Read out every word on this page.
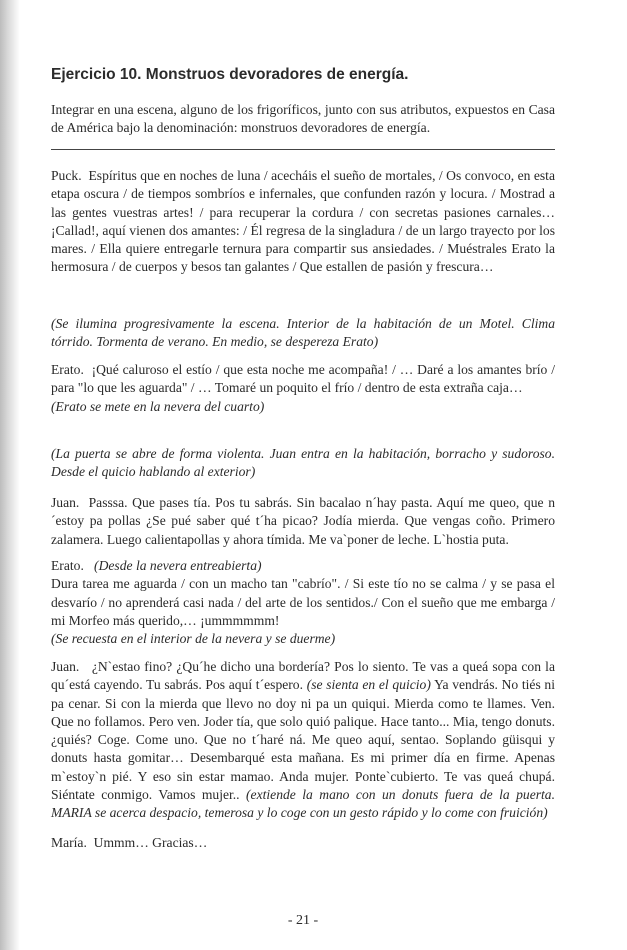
Ejercicio 10. Monstruos devoradores de energía.

Integrar en una escena, alguno de los frigoríficos, junto con sus atributos, expuestos en Casa de América bajo la denominación: monstruos devoradores de energía.

Puck. Espíritus que en noches de luna / acecháis el sueño de mortales, / Os convoco, en esta etapa oscura / de tiempos sombríos e infernales, que confunden razón y locura. / Mostrad a las gentes vuestras artes! / para recuperar la cordura / con secretas pasiones carnales… ¡Callad!, aquí vienen dos amantes: / Él regresa de la singladura / de un largo trayecto por los mares. / Ella quiere entregarle ternura para compartir sus ansiedades. / Muéstrales Erato la hermosura / de cuerpos y besos tan galantes / Que estallen de pasión y frescura…

(Se ilumina progresivamente la escena. Interior de la habitación de un Motel. Clima tórrido. Tormenta de verano. En medio, se despereza Erato)

Erato. ¡Qué caluroso el estío / que esta noche me acompaña! / … Daré a los amantes brío / para "lo que les aguarda" / … Tomaré un poquito el frío / dentro de esta extraña caja…
(Erato se mete en la nevera del cuarto)

(La puerta se abre de forma violenta. Juan entra en la habitación, borracho y sudoroso. Desde el quicio hablando al exterior)

Juan. Passsa. Que pases tía. Pos tu sabrás. Sin bacalao n´hay pasta. Aquí me queo, que n´estoy pa pollas ¿Se pué saber qué t´ha picao? Jodía mierda. Que vengas coño. Primero zalamera. Luego calientapollas y ahora tímida. Me va`poner de leche. L`hostia puta.

Erato. (Desde la nevera entreabierta)
Dura tarea me aguarda / con un macho tan "cabrío". / Si este tío no se calma / y se pasa el desvarío / no aprenderá casi nada / del arte de los sentidos./ Con el sueño que me embarga / mi Morfeo más querido,… ¡ummmmmm!
(Se recuesta en el interior de la nevera y se duerme)

Juan. ¿N`estao fino? ¿Qu´he dicho una bordería? Pos lo siento. Te vas a queá sopa con la qu´está cayendo. Tu sabrás. Pos aquí t´espero. (se sienta en el quicio) Ya vendrás. No tiés ni pa cenar. Si con la mierda que llevo no doy ni pa un quiqui. Mierda como te llames. Ven. Que no follamos. Pero ven. Joder tía, que solo quió palique. Hace tanto... Mia, tengo donuts. ¿quiés? Coge. Come uno. Que no t´haré ná. Me queo aquí, sentao. Soplando güisqui y donuts hasta gomitar… Desembarqué esta mañana. Es mi primer día en firme. Apenas m`estoy`n pié. Y eso sin estar mamao. Anda mujer. Ponte`cubierto. Te vas queá chupá. Siéntate conmigo. Vamos mujer.. (extiende la mano con un donuts fuera de la puerta. MARIA se acerca despacio, temerosa y lo coge con un gesto rápido y lo come con fruición)

María. Ummm… Gracias…

- 21 -
